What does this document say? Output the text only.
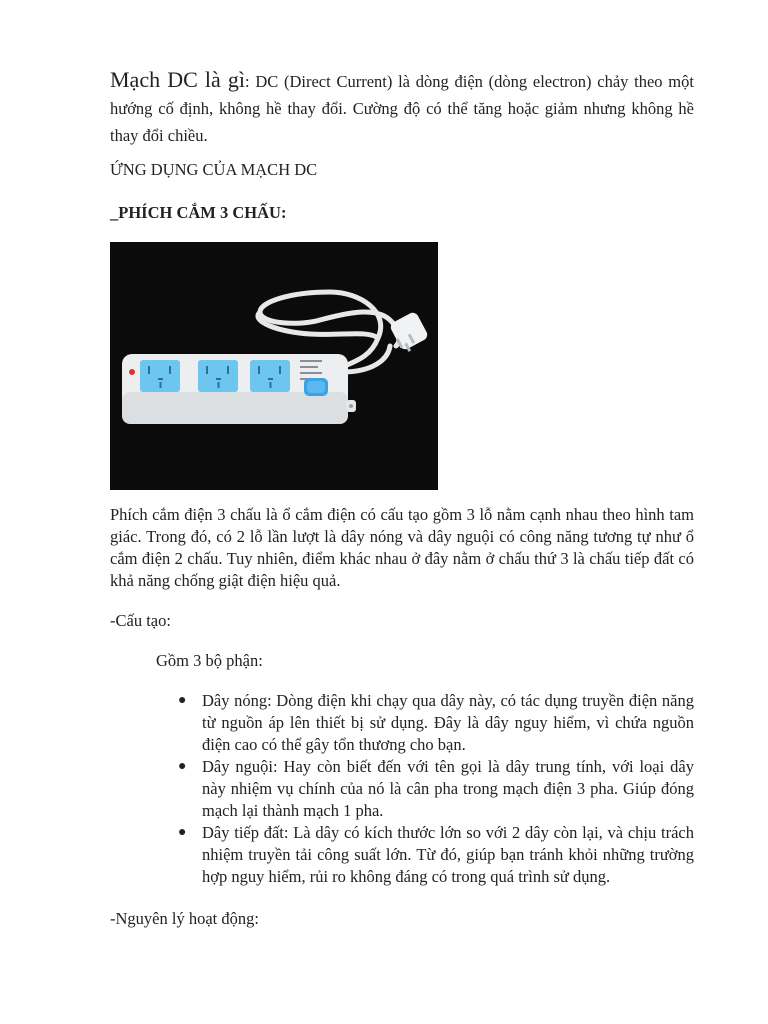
Mạch DC là gì: DC (Direct Current) là dòng điện (dòng electron) chảy theo một hướng cố định, không hề thay đổi. Cường độ có thể tăng hoặc giảm nhưng không hề thay đổi chiều.

ỨNG DỤNG CỦA MẠCH DC

_PHÍCH CẮM 3 CHẤU:

Phích cắm điện 3 chấu là ổ cắm điện có cấu tạo gồm 3 lỗ nằm cạnh nhau theo hình tam giác. Trong đó, có 2 lỗ lần lượt là dây nóng và dây nguội có công năng tương tự như ổ cắm điện 2 chấu. Tuy nhiên, điểm khác nhau ở đây nằm ở chấu thứ 3 là chấu tiếp đất có khả năng chống giật điện hiệu quả.

-Cấu tạo:

Gồm 3 bộ phận:

● Dây nóng: Dòng điện khi chạy qua dây này, có tác dụng truyền điện năng từ nguồn áp lên thiết bị sử dụng. Đây là dây nguy hiểm, vì chứa nguồn điện cao có thể gây tổn thương cho bạn.
● Dây nguội: Hay còn biết đến với tên gọi là dây trung tính, với loại dây này nhiệm vụ chính của nó là cân pha trong mạch điện 3 pha. Giúp đóng mạch lại thành mạch 1 pha.
● Dây tiếp đất: Là dây có kích thước lớn so với 2 dây còn lại, và chịu trách nhiệm truyền tải công suất lớn. Từ đó, giúp bạn tránh khỏi những trường hợp nguy hiểm, rủi ro không đáng có trong quá trình sử dụng.

-Nguyên lý hoạt động:
